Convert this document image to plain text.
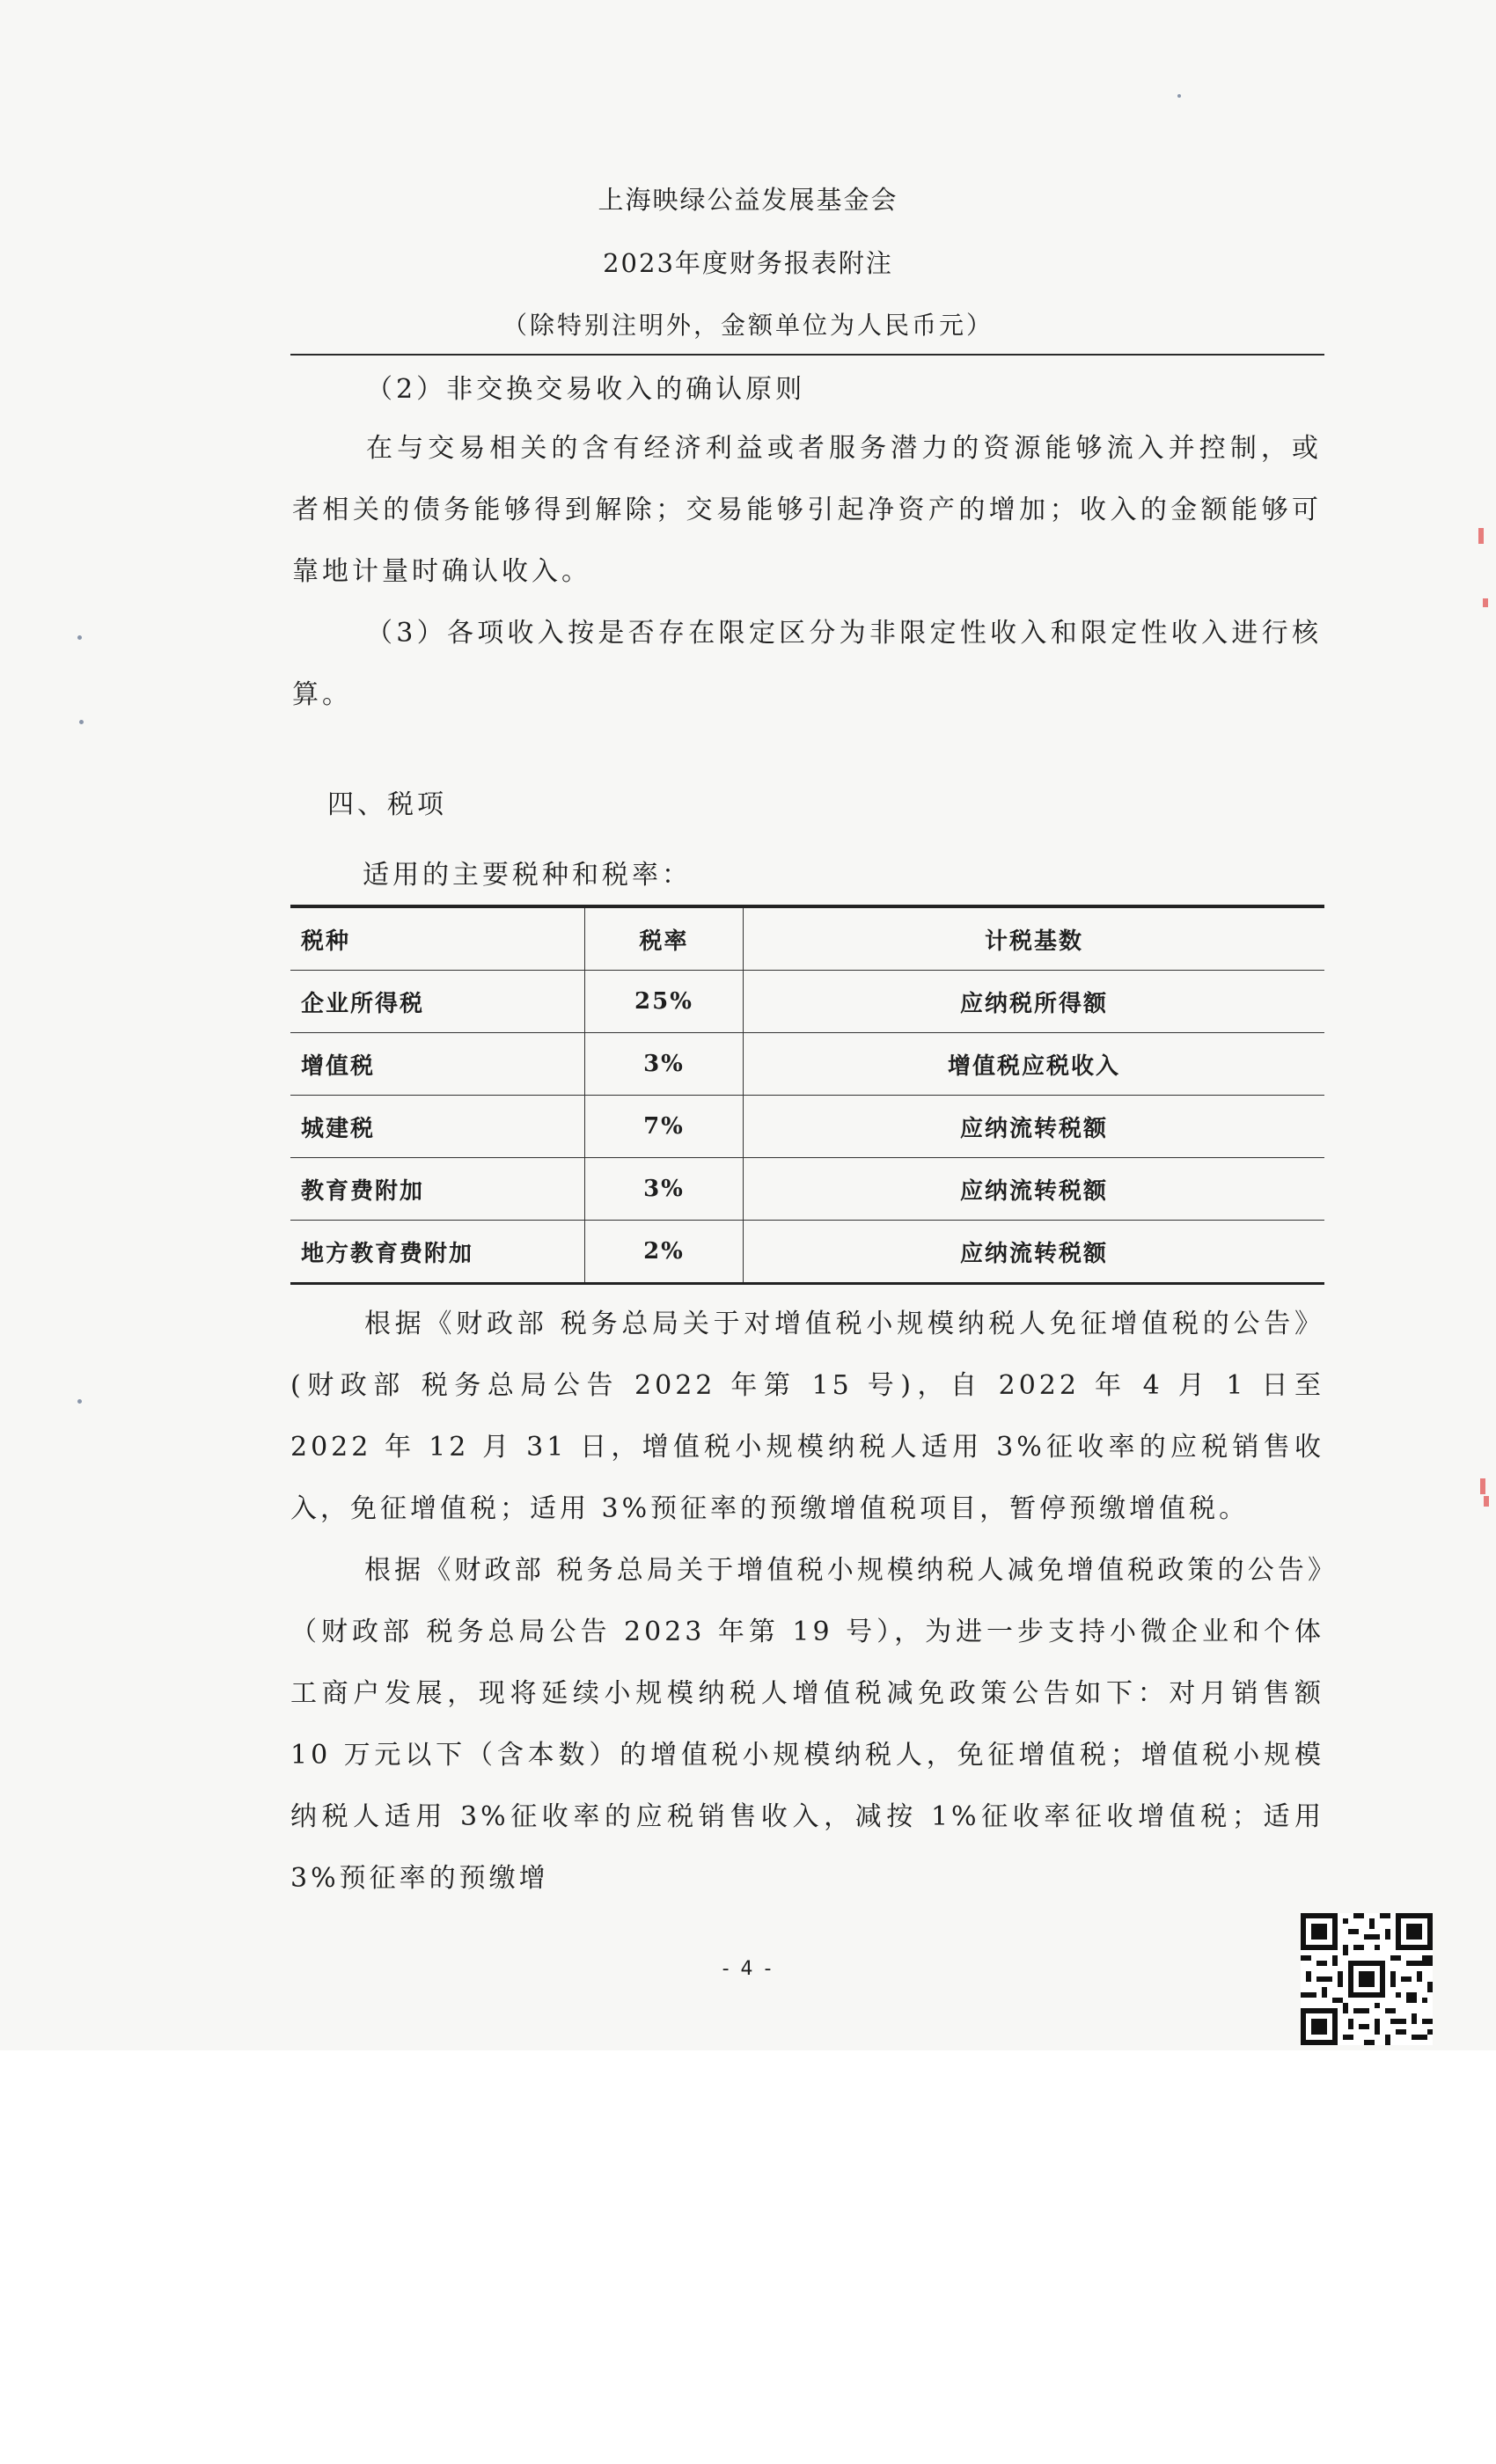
上海映绿公益发展基金会
2023年度财务报表附注
（除特别注明外，金额单位为人民币元）

（2）非交换交易收入的确认原则

在与交易相关的含有经济利益或者服务潜力的资源能够流入并控制，或者相关的债务能够得到解除；交易能够引起净资产的增加；收入的金额能够可靠地计量时确认收入。

（3）各项收入按是否存在限定区分为非限定性收入和限定性收入进行核算。

四、税项

适用的主要税种和税率：

税种	税率	计税基数
企业所得税	25%	应纳税所得额
增值税	3%	增值税应税收入
城建税	7%	应纳流转税额
教育费附加	3%	应纳流转税额
地方教育费附加	2%	应纳流转税额

根据《财政部 税务总局关于对增值税小规模纳税人免征增值税的公告》(财政部 税务总局公告 2022 年第 15 号)，自 2022 年 4 月 1 日至 2022 年 12 月 31 日，增值税小规模纳税人适用 3%征收率的应税销售收入，免征增值税；适用 3%预征率的预缴增值税项目，暂停预缴增值税。

根据《财政部 税务总局关于增值税小规模纳税人减免增值税政策的公告》（财政部 税务总局公告 2023 年第 19 号），为进一步支持小微企业和个体工商户发展，现将延续小规模纳税人增值税减免政策公告如下：对月销售额 10 万元以下（含本数）的增值税小规模纳税人，免征增值税；增值税小规模纳税人适用 3%征收率的应税销售收入，减按 1%征收率征收增值税；适用 3%预征率的预缴增

- 4 -
